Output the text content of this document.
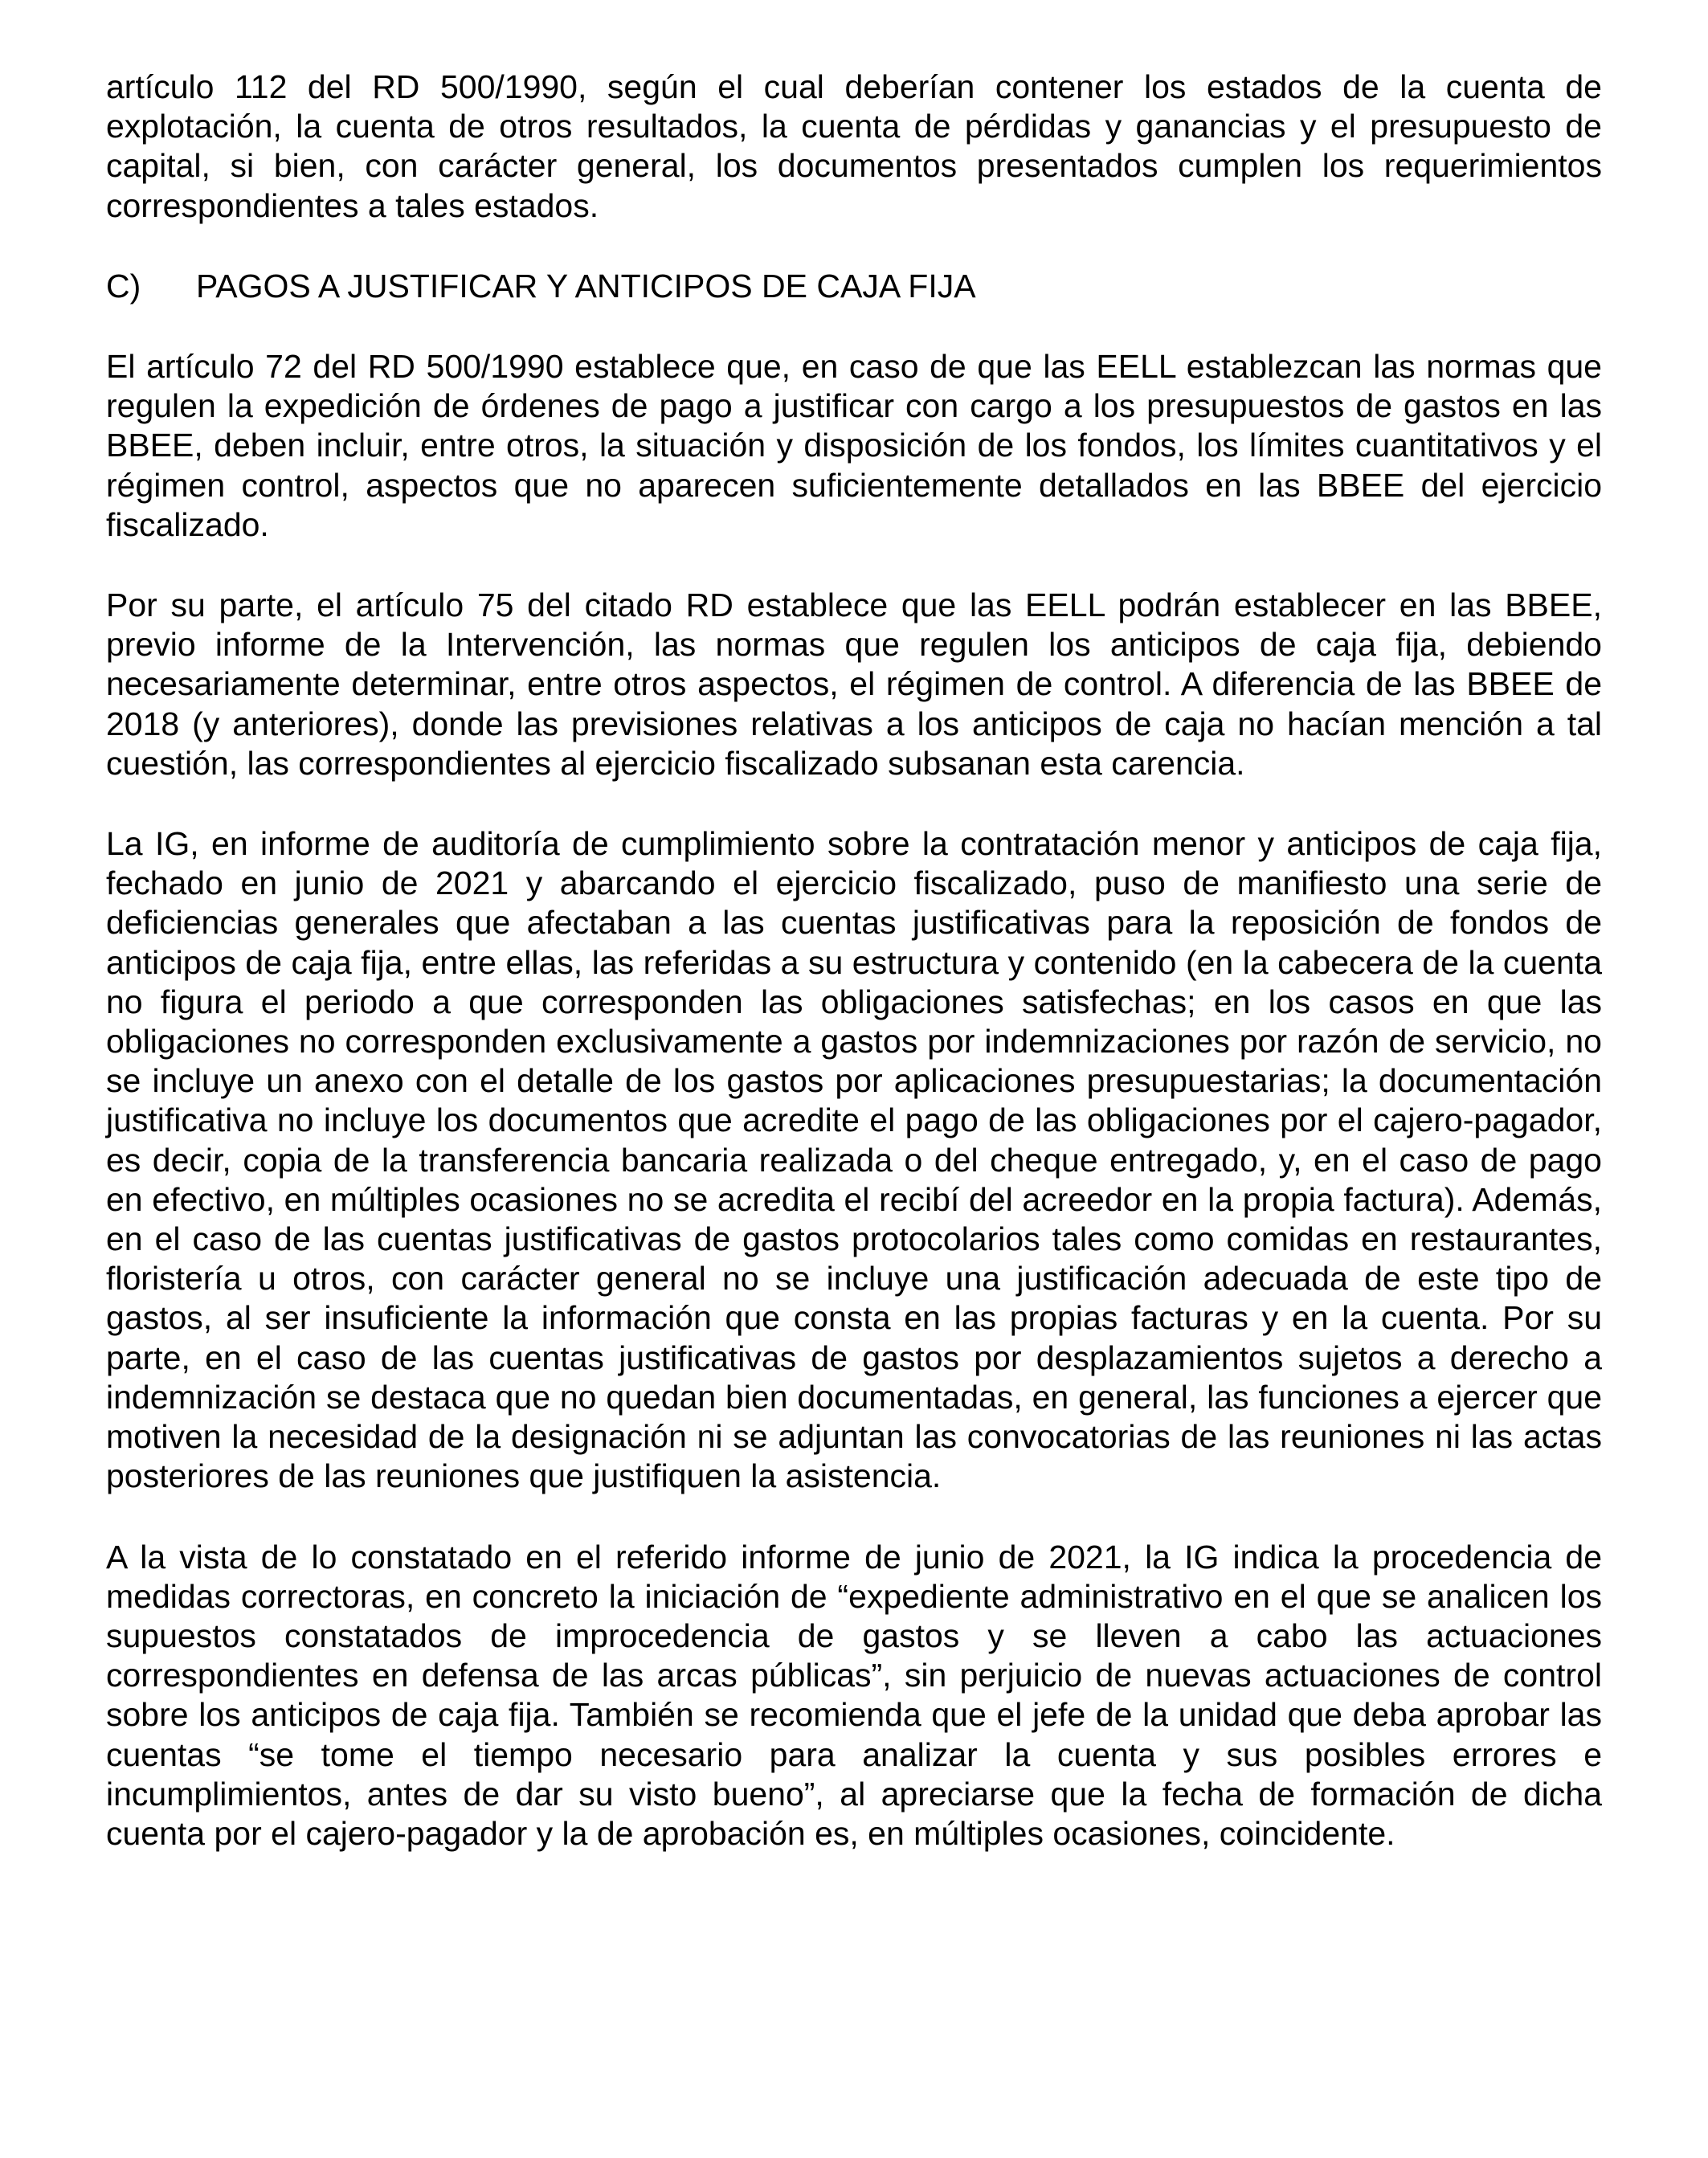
artículo 112 del RD 500/1990, según el cual deberían contener los estados de la cuenta de explotación, la cuenta de otros resultados, la cuenta de pérdidas y ganancias y el presupuesto de capital, si bien, con carácter general, los documentos presentados cumplen los requerimientos correspondientes a tales estados.

C)	PAGOS A JUSTIFICAR Y ANTICIPOS DE CAJA FIJA

El artículo 72 del RD 500/1990 establece que, en caso de que las EELL establezcan las normas que regulen la expedición de órdenes de pago a justificar con cargo a los presupuestos de gastos en las BBEE, deben incluir, entre otros, la situación y disposición de los fondos, los límites cuantitativos y el régimen control, aspectos que no aparecen suficientemente detallados en las BBEE del ejercicio fiscalizado.

Por su parte, el artículo 75 del citado RD establece que las EELL podrán establecer en las BBEE, previo informe de la Intervención, las normas que regulen los anticipos de caja fija, debiendo necesariamente determinar, entre otros aspectos, el régimen de control. A diferencia de las BBEE de 2018 (y anteriores), donde las previsiones relativas a los anticipos de caja no hacían mención a tal cuestión, las correspondientes al ejercicio fiscalizado subsanan esta carencia.

La IG, en informe de auditoría de cumplimiento sobre la contratación menor y anticipos de caja fija, fechado en junio de 2021 y abarcando el ejercicio fiscalizado, puso de manifiesto una serie de deficiencias generales que afectaban a las cuentas justificativas para la reposición de fondos de anticipos de caja fija, entre ellas, las referidas a su estructura y contenido (en la cabecera de la cuenta no figura el periodo a que corresponden las obligaciones satisfechas; en los casos en que las obligaciones no corresponden exclusivamente a gastos por indemnizaciones por razón de servicio, no se incluye un anexo con el detalle de los gastos por aplicaciones presupuestarias; la documentación justificativa no incluye los documentos que acredite el pago de las obligaciones por el cajero-pagador, es decir, copia de la transferencia bancaria realizada o del cheque entregado, y, en el caso de pago en efectivo, en múltiples ocasiones no se acredita el recibí del acreedor en la propia factura). Además, en el caso de las cuentas justificativas de gastos protocolarios tales como comidas en restaurantes, floristería u otros, con carácter general no se incluye una justificación adecuada de este tipo de gastos, al ser insuficiente la información que consta en las propias facturas y en la cuenta. Por su parte, en el caso de las cuentas justificativas de gastos por desplazamientos sujetos a derecho a indemnización se destaca que no quedan bien documentadas, en general, las funciones a ejercer que motiven la necesidad de la designación ni se adjuntan las convocatorias de las reuniones ni las actas posteriores de las reuniones que justifiquen la asistencia.

A la vista de lo constatado en el referido informe de junio de 2021, la IG indica la procedencia de medidas correctoras, en concreto la iniciación de “expediente administrativo en el que se analicen los supuestos constatados de improcedencia de gastos y se lleven a cabo las actuaciones correspondientes en defensa de las arcas públicas”, sin perjuicio de nuevas actuaciones de control sobre los anticipos de caja fija. También se recomienda que el jefe de la unidad que deba aprobar las cuentas “se tome el tiempo necesario para analizar la cuenta y sus posibles errores e incumplimientos, antes de dar su visto bueno”, al apreciarse que la fecha de formación de dicha cuenta por el cajero-pagador y la de aprobación es, en múltiples ocasiones, coincidente.
